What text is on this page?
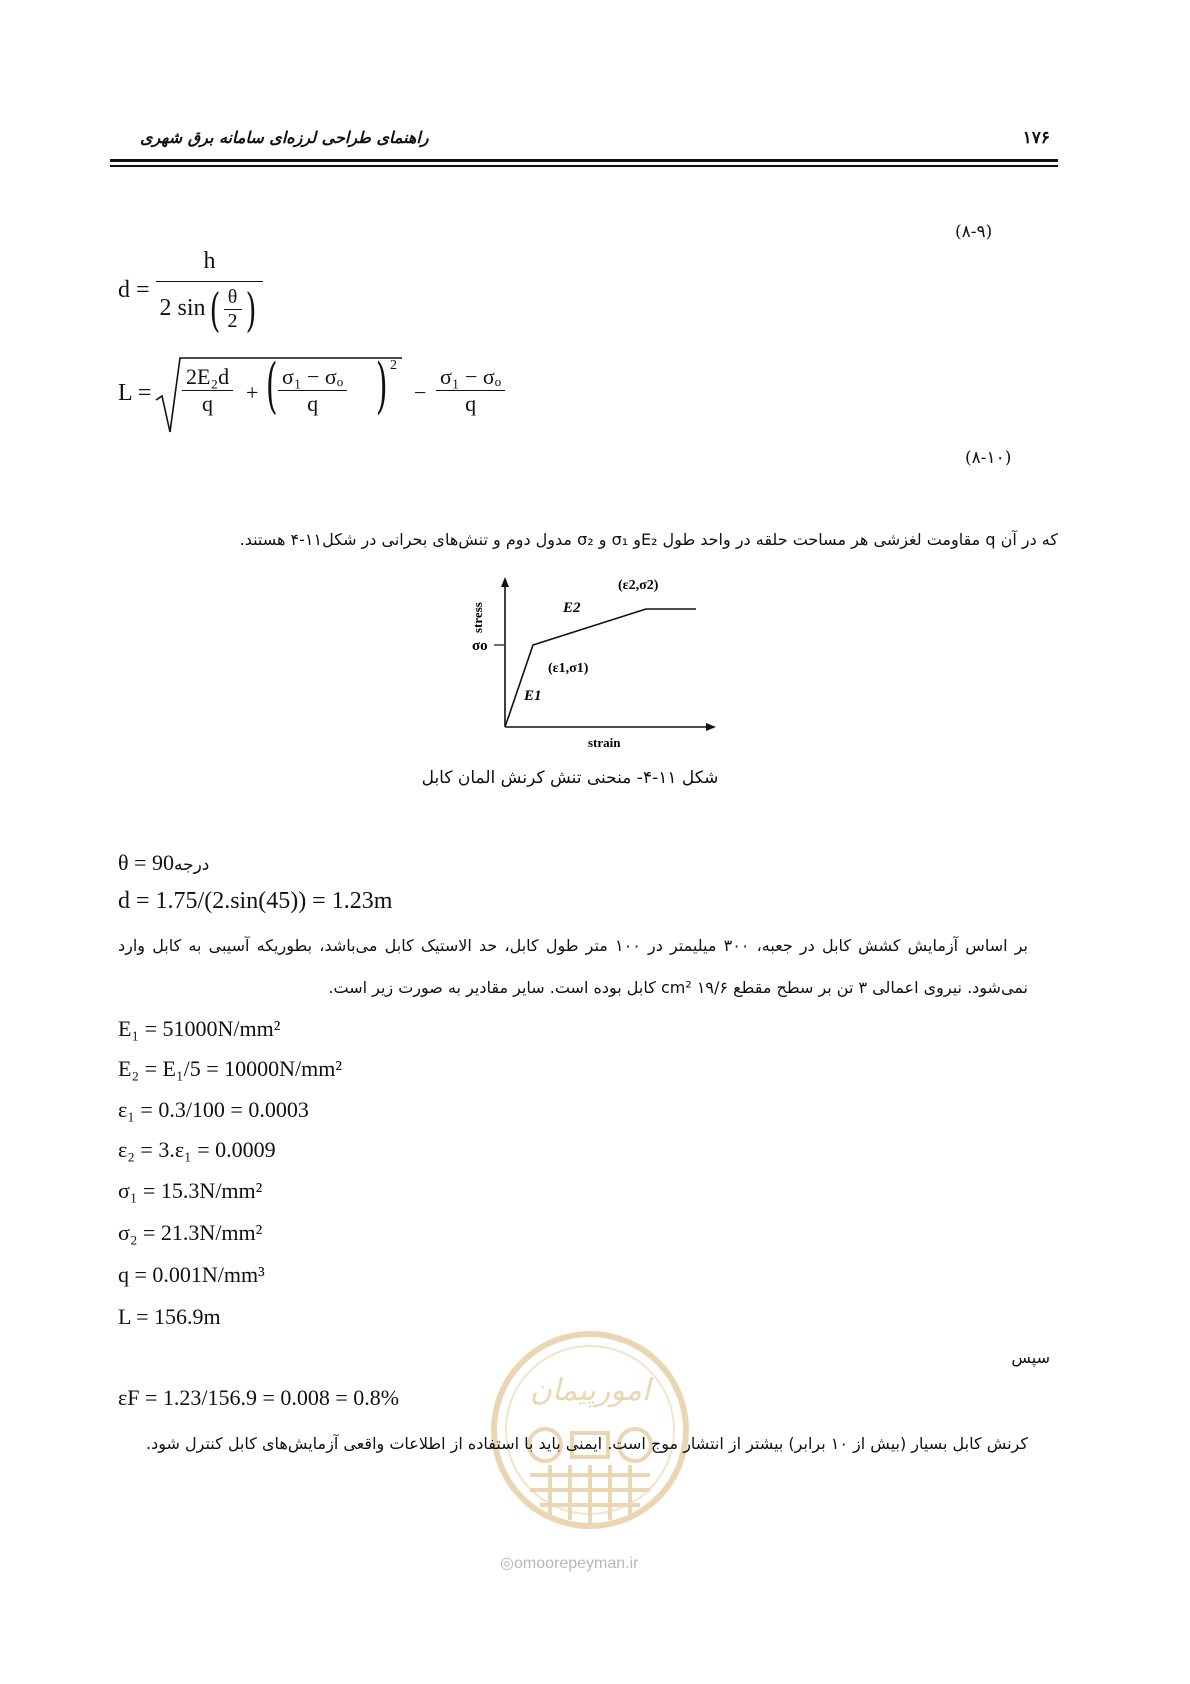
راهنمای طراحی لرزه‌ای سامانه برق شهری	۱۷۶
(۸-۹)
(۸-۱۰)
$d = \frac{h}{2 \sin( \frac{\theta}{2} )}$
$L = \frac{\text{2E₂d}}{q}$ + ( $\frac{\text{σ₁ − σₒ}}{q}$ ) 2
− $\frac{\text{σ₁ − σₒ}}{q}$
که در آن q مقاومت لغزشی هر مساحت حلقه در واحد طول E₂و σ₁ و σ₂ مدول دوم و تنش‌های بحرانی در شکل۱۱-۴ هستند.
stress
strain
σo
E1
E2
(ε1,σ1)
(ε2,σ2)
شکل ۱۱-۴- منحنی تنش کرنش المان کابل
θ = 90درجه
d = 1.75/(2.sin(45)) = 1.23m
بر اساس آزمایش کشش کابل در جعبه، ۳۰۰ میلیمتر در ۱۰۰ متر طول کابل، حد الاستیک کابل می‌باشد، بطوریکه آسیبی به کابل وارد نمی‌شود. نیروی اعمالی ۳ تن بر سطح مقطع cm² ۱۹/۶ کابل بوده است. سایر مقادیر به صورت زیر است.
E₁ = 51000N/mm²
E₂ = E₁/5 = 10000N/mm²
ε₁ = 0.3/100 = 0.0003
ε₂ = 3.ε₁ = 0.0009
σ₁ = 15.3N/mm²
σ₂ = 21.3N/mm²
q = 0.001N/mm³
L = 156.9m
سپس
εF = 1.23/156.9 = 0.008 = 0.8%	امورپیمان
◎omoorepeyman.ir
کرنش کابل بسیار (بیش از ۱۰ برابر) بیشتر از انتشار موج است. ایمنی باید با استفاده از اطلاعات واقعی آزمایش‌های کابل کنترل شود.
